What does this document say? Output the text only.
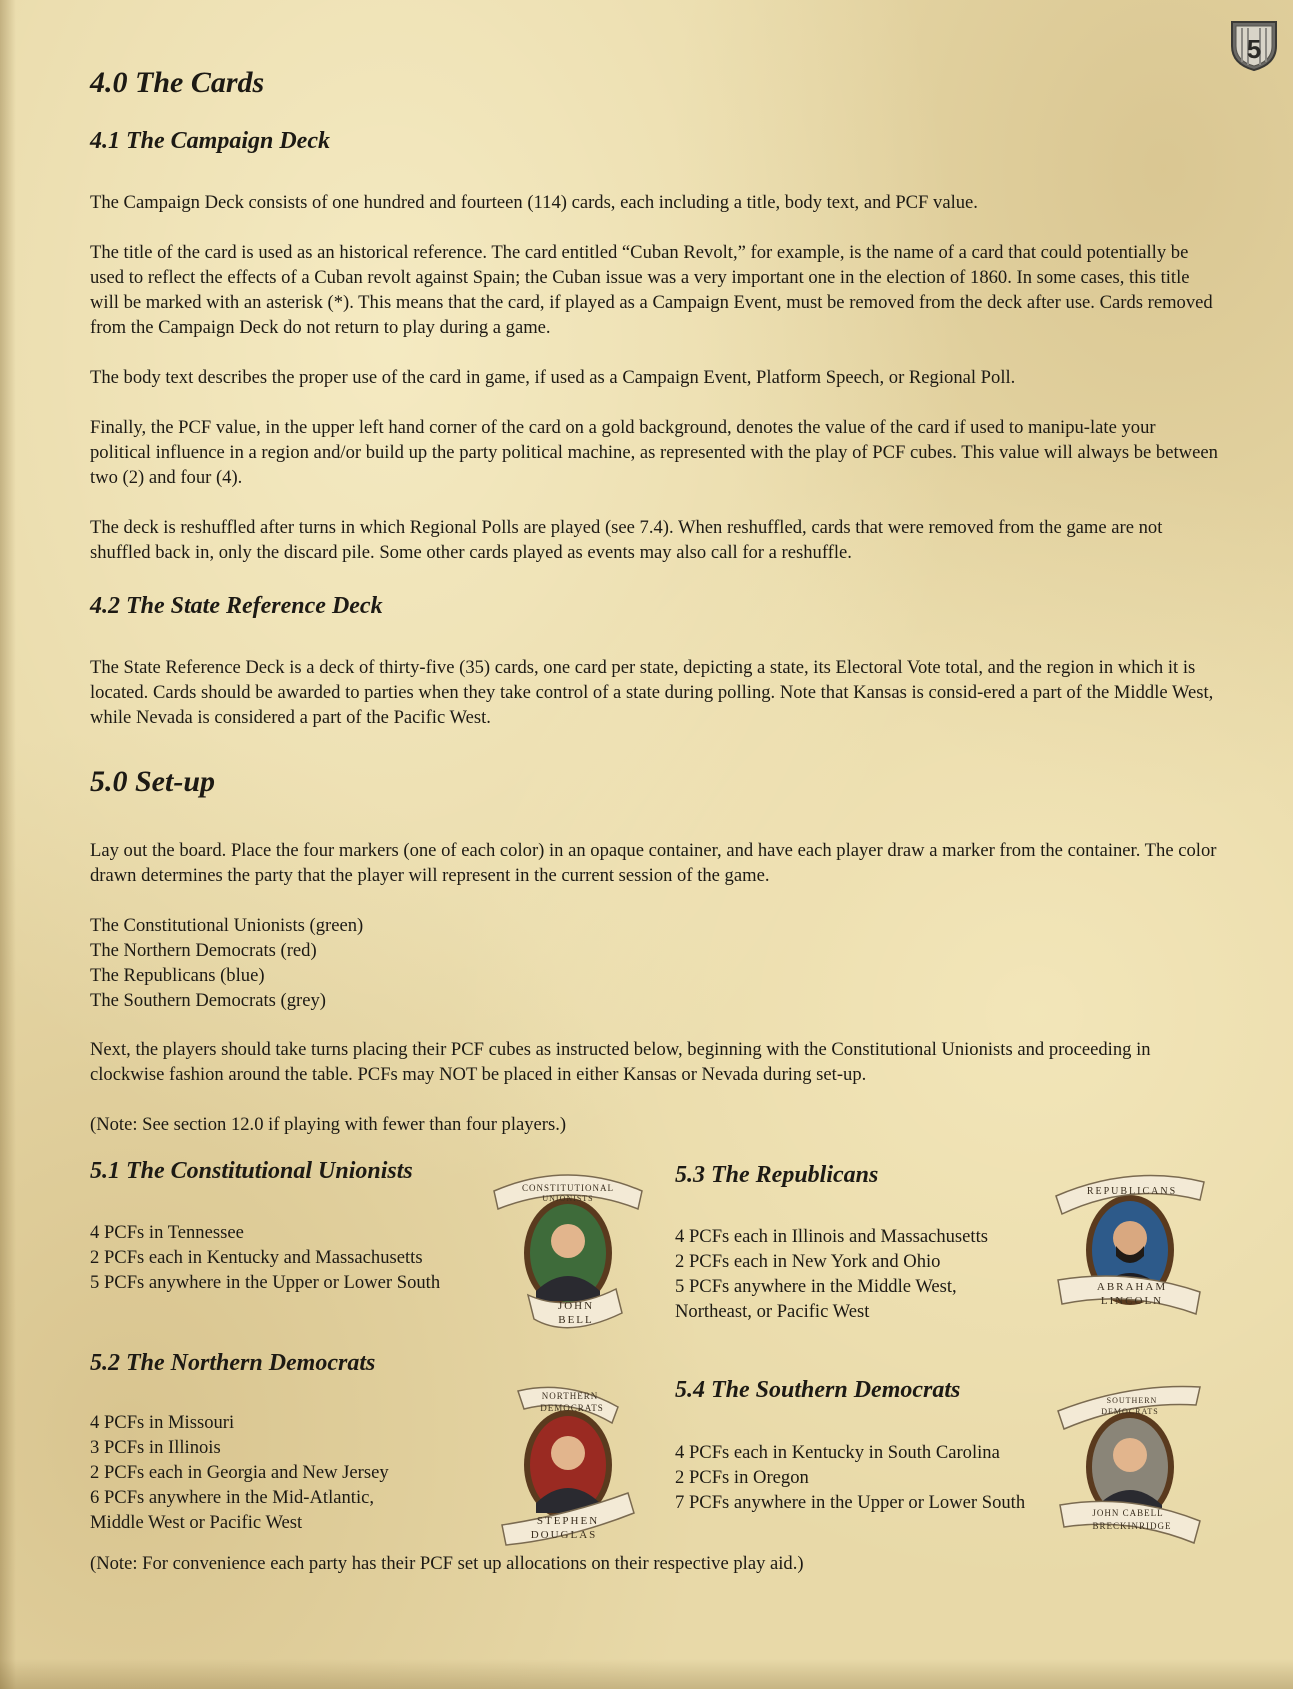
5
4.0 The Cards
4.1 The Campaign Deck

The Campaign Deck consists of one hundred and fourteen (114) cards, each including a title, body text, and PCF value.

The title of the card is used as an historical reference. The card entitled “Cuban Revolt,” for example, is the name of a card that could potentially be used to reflect the effects of a Cuban revolt against Spain; the Cuban issue was a very important one in the election of 1860. In some cases, this title will be marked with an asterisk (*). This means that the card, if played as a Campaign Event, must be removed from the deck after use. Cards removed from the Campaign Deck do not return to play during a game.

The body text describes the proper use of the card in game, if used as a Campaign Event, Platform Speech, or Regional Poll.

Finally, the PCF value, in the upper left hand corner of the card on a gold background, denotes the value of the card if used to manipu-late your political influence in a region and/or build up the party political machine, as represented with the play of PCF cubes. This value will always be between two (2) and four (4).

The deck is reshuffled after turns in which Regional Polls are played (see 7.4). When reshuffled, cards that were removed from the game are not shuffled back in, only the discard pile. Some other cards played as events may also call for a reshuffle.

4.2 The State Reference Deck

The State Reference Deck is a deck of thirty-five (35) cards, one card per state, depicting a state, its Electoral Vote total, and the region in which it is located. Cards should be awarded to parties when they take control of a state during polling. Note that Kansas is consid-ered a part of the Middle West, while Nevada is considered a part of the Pacific West.

5.0 Set-up

Lay out the board. Place the four markers (one of each color) in an opaque container, and have each player draw a marker from the container. The color drawn determines the party that the player will represent in the current session of the game.

The Constitutional Unionists (green)
The Northern Democrats (red)
The Republicans (blue)
The Southern Democrats (grey)

Next, the players should take turns placing their PCF cubes as instructed below, beginning with the Constitutional Unionists and proceeding in clockwise fashion around the table. PCFs may NOT be placed in either Kansas or Nevada during set-up.

(Note: See section 12.0 if playing with fewer than four players.)

5.1 The Constitutional Unionists
4 PCFs in Tennessee
2 PCFs each in Kentucky and Massachusetts
5 PCFs anywhere in the Upper or Lower South
5.2 The Northern Democrats
4 PCFs in Missouri
3 PCFs in Illinois
2 PCFs each in Georgia and New Jersey
6 PCFs anywhere in the Mid-Atlantic,
Middle West or Pacific West
5.3 The Republicans
4 PCFs each in Illinois and Massachusetts
2 PCFs each in New York and Ohio
5 PCFs anywhere in the Middle West,
Northeast, or Pacific West
5.4 The Southern Democrats
4 PCFs each in Kentucky in South Carolina
2 PCFs in Oregon
7 PCFs anywhere in the Upper or Lower South

(Note: For convenience each party has their PCF set up allocations on their respective play aid.)

CONSTITUTIONAL
UNIONISTS
JOHN
BELL
NORTHERN
DEMOCRATS
STEPHEN
DOUGLAS
REPUBLICANS
ABRAHAM
LINCOLN
SOUTHERN
DEMOCRATS
JOHN CABELL
BRECKINRIDGE
